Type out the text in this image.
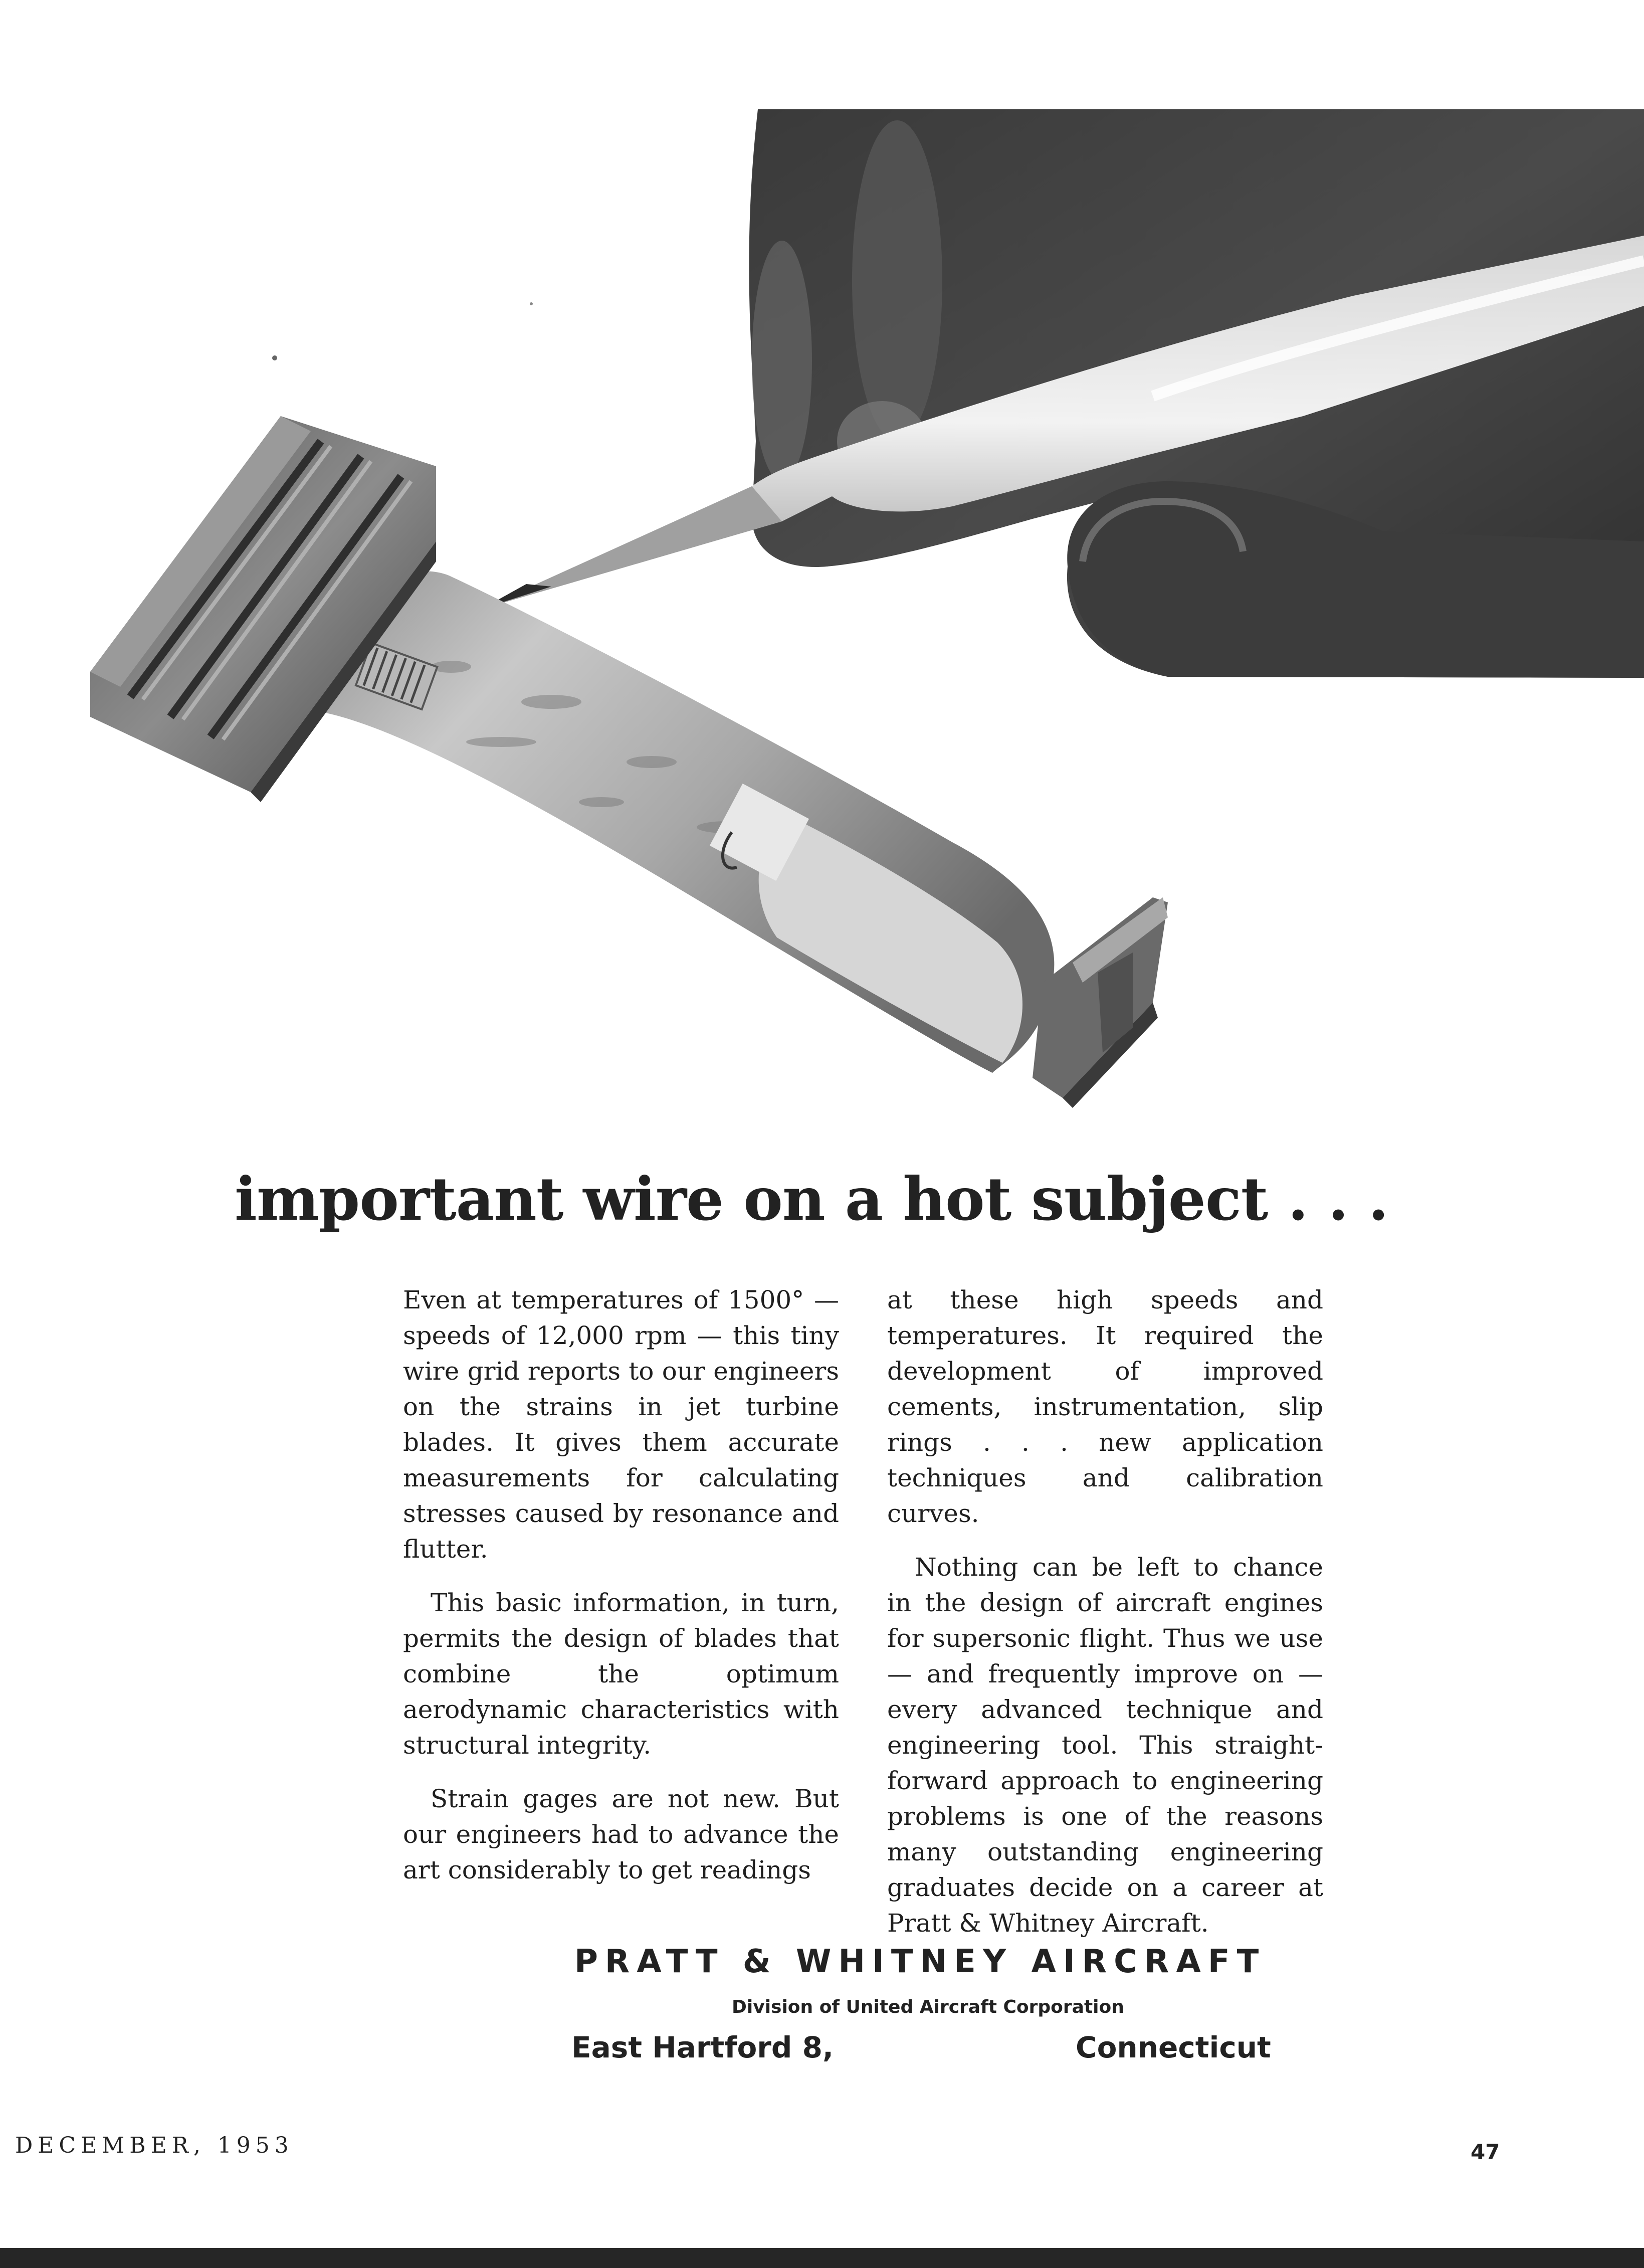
important wire on a hot subject . . .

Even at temperatures of 1500° — speeds of 12,000 rpm — this tiny wire grid reports to our engineers on the strains in jet turbine blades. It gives them accurate measurements for calculating stresses caused by resonance and flutter.

This basic information, in turn, permits the design of blades that combine the optimum aerodynamic characteristics with structural integrity.

Strain gages are not new. But our engineers had to advance the art considerably to get readings

at these high speeds and temperatures. It required the development of improved cements, instrumentation, slip rings . . . new application techniques and calibration curves.

Nothing can be left to chance in the design of aircraft engines for supersonic flight. Thus we use — and frequently improve on — every advanced technique and engineering tool. This straight-forward approach to engineering problems is one of the reasons many outstanding engineering graduates decide on a career at Pratt & Whitney Aircraft.

PRATT & WHITNEY AIRCRAFT
Division of United Aircraft Corporation
East Hartford 8,	Connecticut
DECEMBER, 1953	47
